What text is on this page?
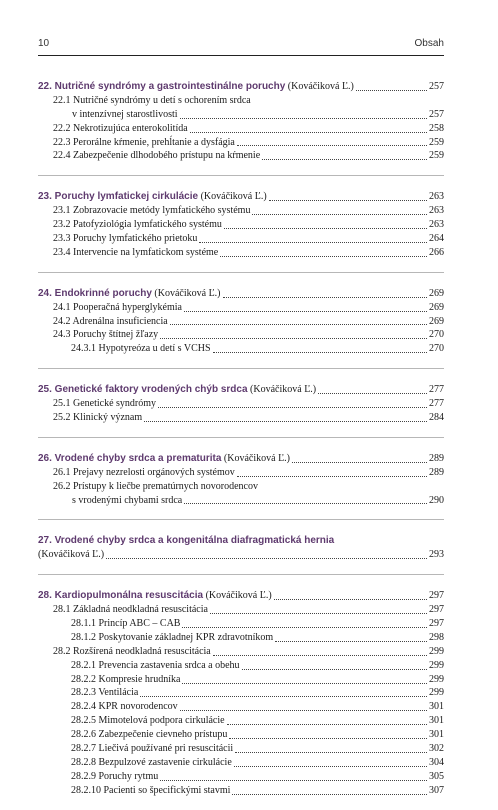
10	Obsah
22. Nutričné syndrómy a gastrointestinálne poruchy (Kováčiková Ľ.)	257
22.1 Nutričné syndrómy u detí s ochorením srdca
v intenzívnej starostlivosti	257
22.2 Nekrotizujúca enterokolitída	258
22.3 Perorálne kŕmenie, prehĺtanie a dysfágia	259
22.4 Zabezpečenie dlhodobého prístupu na kŕmenie	259
23. Poruchy lymfatickej cirkulácie (Kováčiková Ľ.)	263
23.1 Zobrazovacie metódy lymfatického systému	263
23.2 Patofyziológia lymfatického systému	263
23.3 Poruchy lymfatického prietoku	264
23.4 Intervencie na lymfatickom systéme	266
24. Endokrinné poruchy (Kováčiková Ľ.)	269
24.1 Pooperačná hyperglykémia	269
24.2 Adrenálna insuficiencia	269
24.3 Poruchy štítnej žľazy	270
24.3.1 Hypotyreóza u detí s VCHS	270
25. Genetické faktory vrodených chýb srdca (Kováčiková Ľ.)	277
25.1 Genetické syndrómy	277
25.2 Klinický význam	284
26. Vrodené chyby srdca a prematurita (Kováčiková Ľ.)	289
26.1 Prejavy nezrelosti orgánových systémov	289
26.2 Prístupy k liečbe prematúrnych novorodencov
s vrodenými chybami srdca	290
27. Vrodené chyby srdca a kongenitálna diafragmatická hernia
(Kováčiková Ľ.)	293
28. Kardiopulmonálna resuscitácia (Kováčiková Ľ.)	297
28.1 Základná neodkladná resuscitácia	297
28.1.1 Princíp ABC – CAB	297
28.1.2 Poskytovanie základnej KPR zdravotníkom	298
28.2 Rozšírená neodkladná resuscitácia	299
28.2.1 Prevencia zastavenia srdca a obehu	299
28.2.2 Kompresie hrudníka	299
28.2.3 Ventilácia	299
28.2.4 KPR novorodencov	301
28.2.5 Mimotelová podpora cirkulácie	301
28.2.6 Zabezpečenie cievneho prístupu	301
28.2.7 Liečivá používané pri resuscitácii	302
28.2.8 Bezpulzové zastavenie cirkulácie	304
28.2.9 Poruchy rytmu	305
28.2.10 Pacienti so špecifickými stavmi	307
